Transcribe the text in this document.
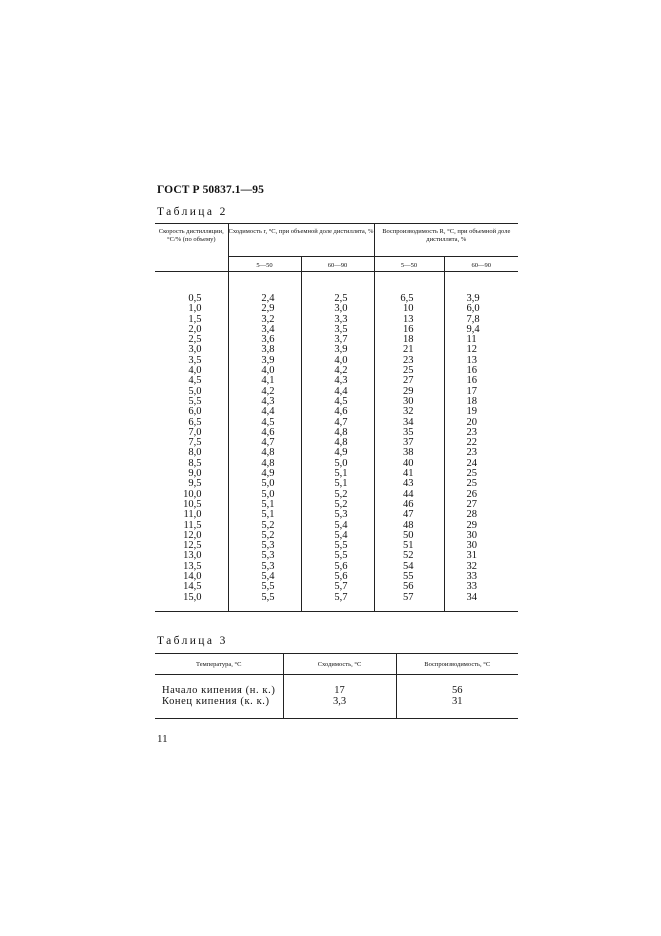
ГОСТ Р 50837.1—95
Таблица 2
Скорость дистилляции, °С/% (по объему)	Сходимость r, °С, при объемной доле дистиллята, %		Воспроизводимость R, °С, при объемной доле дистиллята, %	
	5—50	60—90	5—50	60—90
0,5	2,4	2,5	6,5	3,9
1,0	2,9	3,0	10	6,0
1,5	3,2	3,3	13	7,8
2,0	3,4	3,5	16	9,4
2,5	3,6	3,7	18	11
3,0	3,8	3,9	21	12
3,5	3,9	4,0	23	13
4,0	4,0	4,2	25	16
4,5	4,1	4,3	27	16
5,0	4,2	4,4	29	17
5,5	4,3	4,5	30	18
6,0	4,4	4,6	32	19
6,5	4,5	4,7	34	20
7,0	4,6	4,8	35	23
7,5	4,7	4,8	37	22
8,0	4,8	4,9	38	23
8,5	4,8	5,0	40	24
9,0	4,9	5,1	41	25
9,5	5,0	5,1	43	25
10,0	5,0	5,2	44	26
10,5	5,1	5,2	46	27
11,0	5,1	5,3	47	28
11,5	5,2	5,4	48	29
12,0	5,2	5,4	50	30
12,5	5,3	5,5	51	30
13,0	5,3	5,5	52	31
13,5	5,3	5,6	54	32
14,0	5,4	5,6	55	33
14,5	5,5	5,7	56	33
15,0	5,5	5,7	57	34
Таблица 3
Температура, °С	Сходимость, °С	Воспроизводимость, °С
Начало кипения (н. к.)	17	56
Конец кипения (к. к.)	3,3	31
11
